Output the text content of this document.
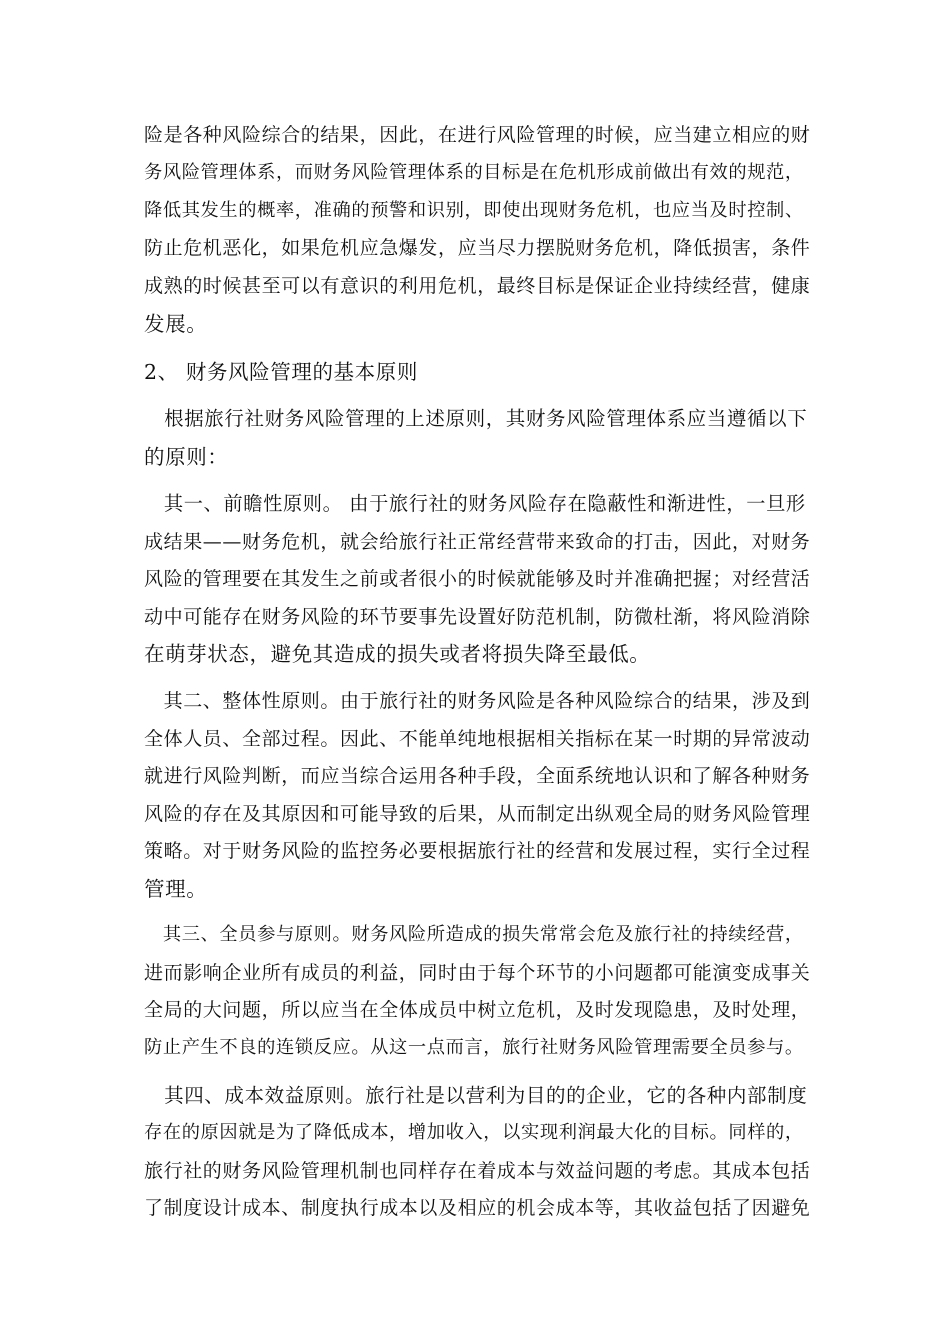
险是各种风险综合的结果，因此，在进行风险管理的时候，应当建立相应的财

务风险管理体系，而财务风险管理体系的目标是在危机形成前做出有效的规范，

降低其发生的概率，准确的预警和识别，即使出现财务危机，也应当及时控制、

防止危机恶化，如果危机应急爆发，应当尽力摆脱财务危机，降低损害，条件

成熟的时候甚至可以有意识的利用危机，最终目标是保证企业持续经营，健康

发展。

2、 财务风险管理的基本原则

　根据旅行社财务风险管理的上述原则，其财务风险管理体系应当遵循以下

的原则：

　其一、前瞻性原则。 由于旅行社的财务风险存在隐蔽性和渐进性，一旦形

成结果——财务危机，就会给旅行社正常经营带来致命的打击，因此，对财务

风险的管理要在其发生之前或者很小的时候就能够及时并准确把握；对经营活

动中可能存在财务风险的环节要事先设置好防范机制，防微杜渐，将风险消除

在萌芽状态，避免其造成的损失或者将损失降至最低。

　其二、整体性原则。由于旅行社的财务风险是各种风险综合的结果，涉及到

全体人员、全部过程。因此、不能单纯地根据相关指标在某一时期的异常波动

就进行风险判断，而应当综合运用各种手段，全面系统地认识和了解各种财务

风险的存在及其原因和可能导致的后果，从而制定出纵观全局的财务风险管理

策略。对于财务风险的监控务必要根据旅行社的经营和发展过程，实行全过程

管理。

　其三、全员参与原则。财务风险所造成的损失常常会危及旅行社的持续经营，

进而影响企业所有成员的利益，同时由于每个环节的小问题都可能演变成事关

全局的大问题，所以应当在全体成员中树立危机，及时发现隐患，及时处理，

防止产生不良的连锁反应。从这一点而言，旅行社财务风险管理需要全员参与。

　其四、成本效益原则。旅行社是以营利为目的的企业，它的各种内部制度

存在的原因就是为了降低成本，增加收入，以实现利润最大化的目标。同样的，

旅行社的财务风险管理机制也同样存在着成本与效益问题的考虑。其成本包括

了制度设计成本、制度执行成本以及相应的机会成本等，其收益包括了因避免
